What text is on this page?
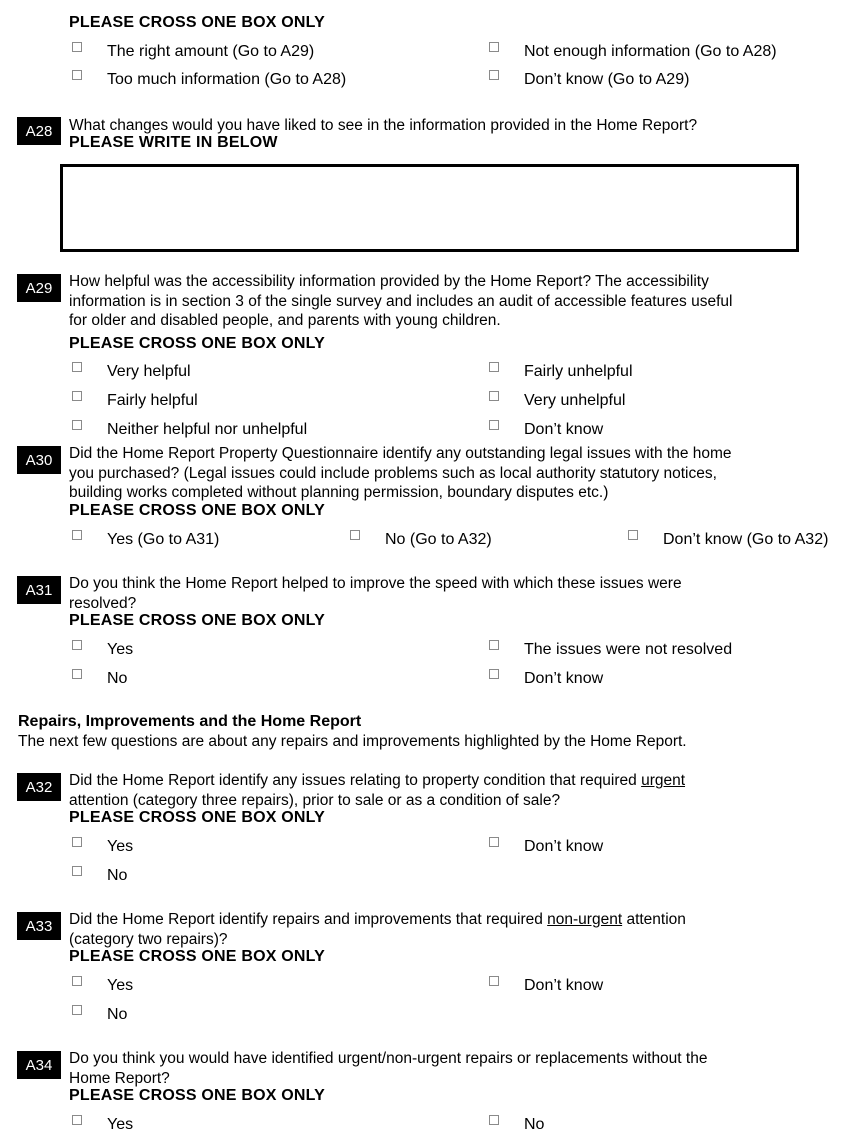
PLEASE CROSS ONE BOX ONLY
The right amount (Go to A29)	Not enough information (Go to A28)
Too much information (Go to A28)	Don’t know (Go to A29)
A28	What changes would you have liked to see in the information provided in the Home Report?
PLEASE WRITE IN BELOW
A29	How helpful was the accessibility information provided by the Home Report? The accessibility
information is in section 3 of the single survey and includes an audit of accessible features useful
for older and disabled people, and parents with young children.
PLEASE CROSS ONE BOX ONLY
Very helpful	Fairly unhelpful
Fairly helpful	Very unhelpful
Neither helpful nor unhelpful	Don’t know
A30	Did the Home Report Property Questionnaire identify any outstanding legal issues with the home
you purchased? (Legal issues could include problems such as local authority statutory notices,
building works completed without planning permission, boundary disputes etc.)
PLEASE CROSS ONE BOX ONLY
Yes (Go to A31)	No (Go to A32)	Don’t know (Go to A32)
A31	Do you think the Home Report helped to improve the speed with which these issues were
resolved?
PLEASE CROSS ONE BOX ONLY
Yes	The issues were not resolved
No	Don’t know
Repairs, Improvements and the Home Report
The next few questions are about any repairs and improvements highlighted by the Home Report.
A32	Did the Home Report identify any issues relating to property condition that required urgent
attention (category three repairs), prior to sale or as a condition of sale?
PLEASE CROSS ONE BOX ONLY
Yes	Don’t know
No
A33	Did the Home Report identify repairs and improvements that required non-urgent attention
(category two repairs)?
PLEASE CROSS ONE BOX ONLY
Yes	Don’t know
No
A34	Do you think you would have identified urgent/non-urgent repairs or replacements without the
Home Report?
PLEASE CROSS ONE BOX ONLY
Yes	No
